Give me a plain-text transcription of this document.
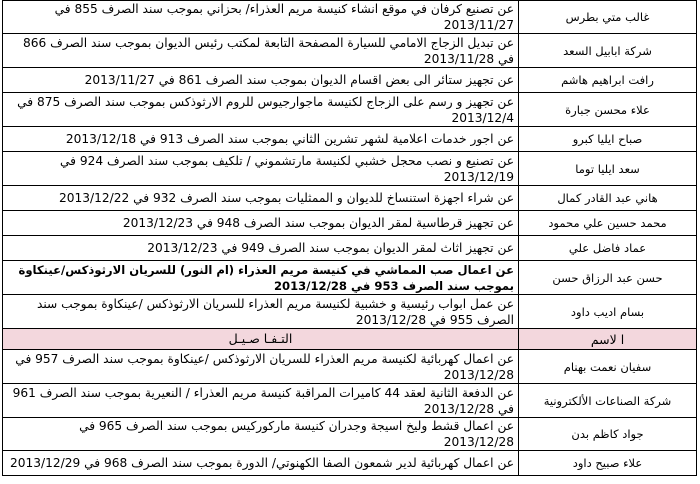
غالب متي بطرس	عن تصنيع كرفان في موقع انشاء كنيسة مريم العذراء/ بحزاني بموجب سند الصرف 855 في 2013/11/27
شركة ابابيل السعد	عن تبديل الزجاج الامامي للسيارة المصفحة التابعة لمكتب رئيس الديوان بموجب سند الصرف 866 في 2013/11/28
رافت ابراهيم هاشم	عن تجهيز ستائر الى بعض اقسام الديوان بموجب سند الصرف 861 في 2013/11/27
علاء محسن جبارة	عن تجهيز و رسم على الزجاج لكنيسة ماجوارجيوس للروم الارثوذكس بموجب سند الصرف 875 في 2013/12/4
صباح ايليا كبرو	عن اجور خدمات اعلامية لشهر تشرين الثاني بموجب سند الصرف 913 في 2013/12/18
سعد ايليا توما	عن تصنيع و نصب محجل خشبي لكنيسة مارتشموني / تلكيف بموجب سند الصرف 924 في 2013/12/19
هاني عبد القادر كمال	عن شراء اجهزة استنساخ للديوان و الممثليات بموجب سند الصرف 932 في 2013/12/22
محمد حسين علي محمود	عن تجهيز قرطاسية لمقر الديوان بموجب سند الصرف 948 في 2013/12/23
عماد فاضل علي	عن تجهيز اثاث لمقر الديوان بموجب سند الصرف 949 في 2013/12/23
حسن عبد الرزاق حسن	عن اعمال صب المماشي في كنيسة مريم العذراء (ام النور) للسريان الارثوذكس/عينكاوة بموجب سند الصرف 953 في 2013/12/28
بسام اديب داود	عن عمل ابواب رئيسية و خشبية لكنيسة مريم العذراء للسريان الارثوذكس /عينكاوة بموجب سند الصرف 955 في 2013/12/28
ا لاسم	التـفـا صـيـل
سفيان نعمت بهنام	عن اعمال كهربائية لكنيسة مريم العذراء للسريان الارثوذكس /عينكاوة بموجب سند الصرف 957 في 2013/12/28
شركة الصناعات الألكترونية	عن الدفعة الثانية لعقد 44 كاميرات المراقبة كنيسة مريم العذراء / النعيرية بموجب سند الصرف 961 في 2013/12/28
جواد كاظم بدن	عن اعمال قشط وليخ اسيجة وجدران كنيسة ماركوركيس بموجب سند الصرف 965 في 2013/12/28
علاء صبيح داود	عن اعمال كهربائية لدير شمعون الصفا الكهنوتي/ الدورة بموجب سند الصرف 968 في 2013/12/29
